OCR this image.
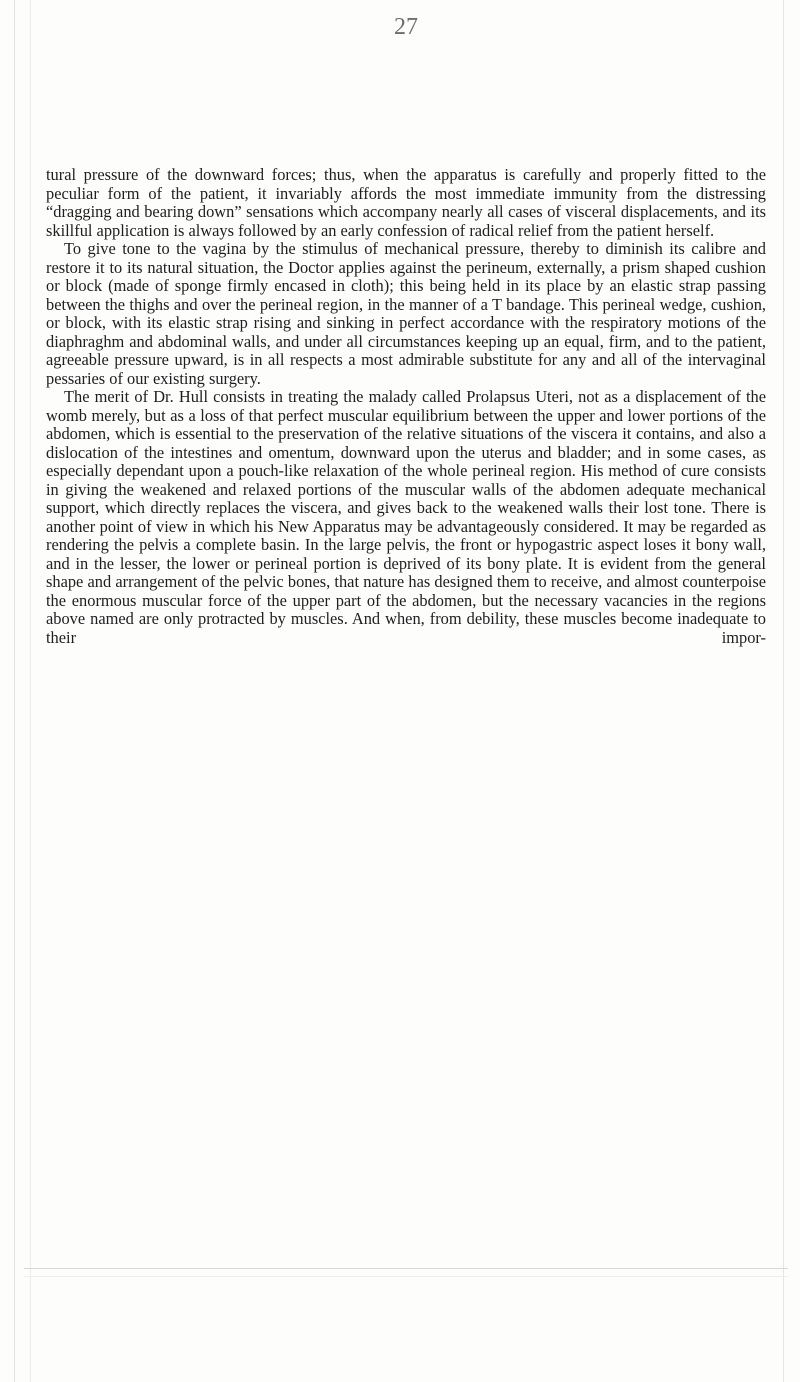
27

tural pressure of the downward forces; thus, when the apparatus is carefully and properly fitted to the peculiar form of the patient, it invariably affords the most immediate immunity from the distressing “dragging and bearing down” sensations which accompany nearly all cases of visceral displacements, and its skillful application is always followed by an early confession of radical relief from the patient herself.

To give tone to the vagina by the stimulus of mechanical pressure, thereby to diminish its calibre and restore it to its natural situation, the Doctor applies against the perineum, externally, a prism shaped cushion or block (made of sponge firmly encased in cloth); this being held in its place by an elastic strap passing between the thighs and over the perineal region, in the manner of a T bandage. This perineal wedge, cushion, or block, with its elastic strap rising and sinking in perfect accordance with the respiratory motions of the diaphraghm and abdominal walls, and under all circumstances keeping up an equal, firm, and to the patient, agreeable pressure upward, is in all respects a most admirable substitute for any and all of the intervaginal pessaries of our existing surgery.

The merit of Dr. Hull consists in treating the malady called Prolapsus Uteri, not as a displacement of the womb merely, but as a loss of that perfect muscular equilibrium between the upper and lower portions of the abdomen, which is essential to the preservation of the relative situations of the viscera it contains, and also a dislocation of the intestines and omentum, downward upon the uterus and bladder; and in some cases, as especially dependant upon a pouch-like relaxation of the whole perineal region. His method of cure consists in giving the weakened and relaxed portions of the muscular walls of the abdomen adequate mechanical support, which directly replaces the viscera, and gives back to the weakened walls their lost tone. There is another point of view in which his New Apparatus may be advantageously considered. It may be regarded as rendering the pelvis a complete basin. In the large pelvis, the front or hypogastric aspect loses it bony wall, and in the lesser, the lower or perineal portion is deprived of its bony plate. It is evident from the general shape and arrangement of the pelvic bones, that nature has designed them to receive, and almost counterpoise the enormous muscular force of the upper part of the abdomen, but the necessary vacancies in the regions above named are only protracted by muscles. And when, from debility, these muscles become inadequate to their impor-
